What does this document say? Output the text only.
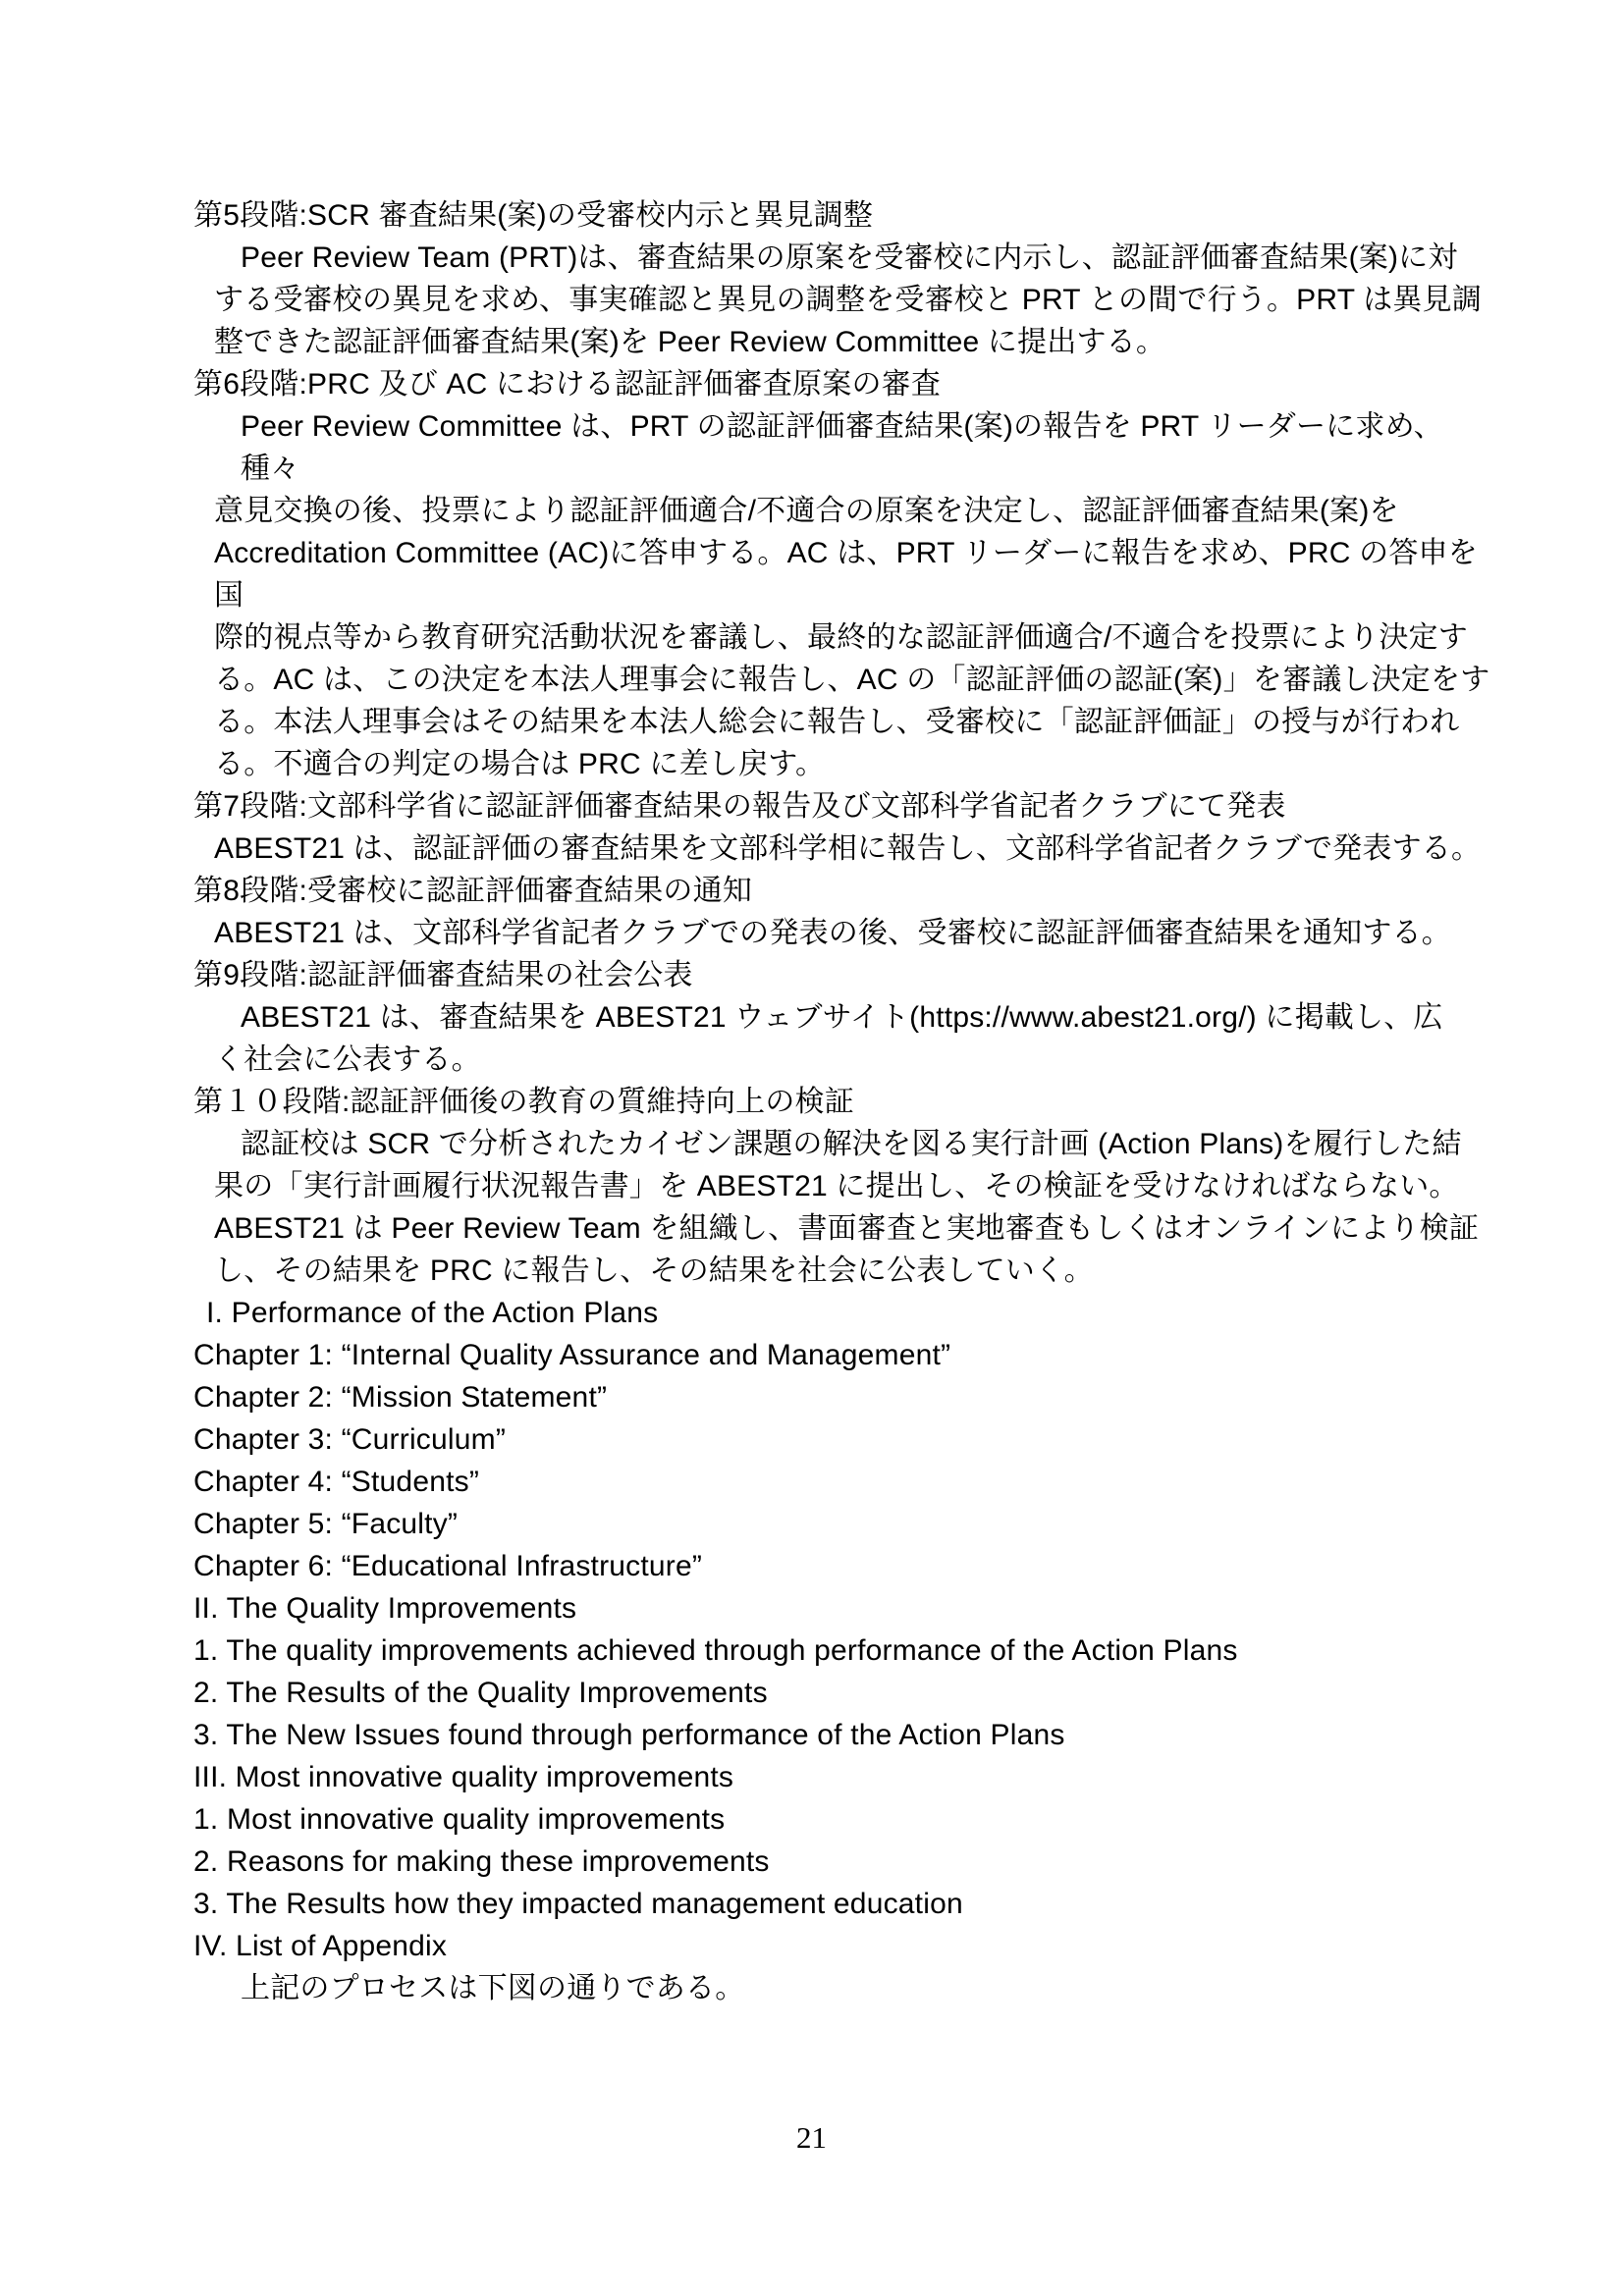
第5段階:SCR 審査結果(案)の受審校内示と異見調整
Peer Review Team (PRT)は、審査結果の原案を受審校に内示し、認証評価審査結果(案)に対
する受審校の異見を求め、事実確認と異見の調整を受審校と PRT との間で行う。PRT は異見調
整できた認証評価審査結果(案)を Peer Review Committee に提出する。
第6段階:PRC 及び AC における認証評価審査原案の審査
Peer Review Committee は、PRT の認証評価審査結果(案)の報告を PRT リーダーに求め、種々
意見交換の後、投票により認証評価適合/不適合の原案を決定し、認証評価審査結果(案)を
Accreditation Committee (AC)に答申する。AC は、PRT リーダーに報告を求め、PRC の答申を国
際的視点等から教育研究活動状況を審議し、最終的な認証評価適合/不適合を投票により決定す
る。AC は、この決定を本法人理事会に報告し、AC の「認証評価の認証(案)」を審議し決定をす
る。本法人理事会はその結果を本法人総会に報告し、受審校に「認証評価証」の授与が行われ
る。不適合の判定の場合は PRC に差し戻す。
第7段階:文部科学省に認証評価審査結果の報告及び文部科学省記者クラブにて発表
ABEST21 は、認証評価の審査結果を文部科学相に報告し、文部科学省記者クラブで発表する。
第8段階:受審校に認証評価審査結果の通知
ABEST21 は、文部科学省記者クラブでの発表の後、受審校に認証評価審査結果を通知する。
第9段階:認証評価審査結果の社会公表
ABEST21 は、審査結果を ABEST21 ウェブサイト(https://www.abest21.org/) に掲載し、広
く社会に公表する。
第１０段階:認証評価後の教育の質維持向上の検証
認証校は SCR で分析されたカイゼン課題の解決を図る実行計画 (Action Plans)を履行した結
果の「実行計画履行状況報告書」を ABEST21 に提出し、その検証を受けなければならない。
ABEST21 は Peer Review Team を組織し、書面審査と実地審査もしくはオンラインにより検証
し、その結果を PRC に報告し、その結果を社会に公表していく。
I. Performance of the Action Plans
Chapter 1: “Internal Quality Assurance and Management”
Chapter 2: “Mission Statement”
Chapter 3: “Curriculum”
Chapter 4: “Students”
Chapter 5: “Faculty”
Chapter 6: “Educational Infrastructure”
II. The Quality Improvements
1. The quality improvements achieved through performance of the Action Plans
2. The Results of the Quality Improvements
3. The New Issues found through performance of the Action Plans
III. Most innovative quality improvements
1. Most innovative quality improvements
2. Reasons for making these improvements
3. The Results how they impacted management education
IV. List of Appendix
上記のプロセスは下図の通りである。
21
